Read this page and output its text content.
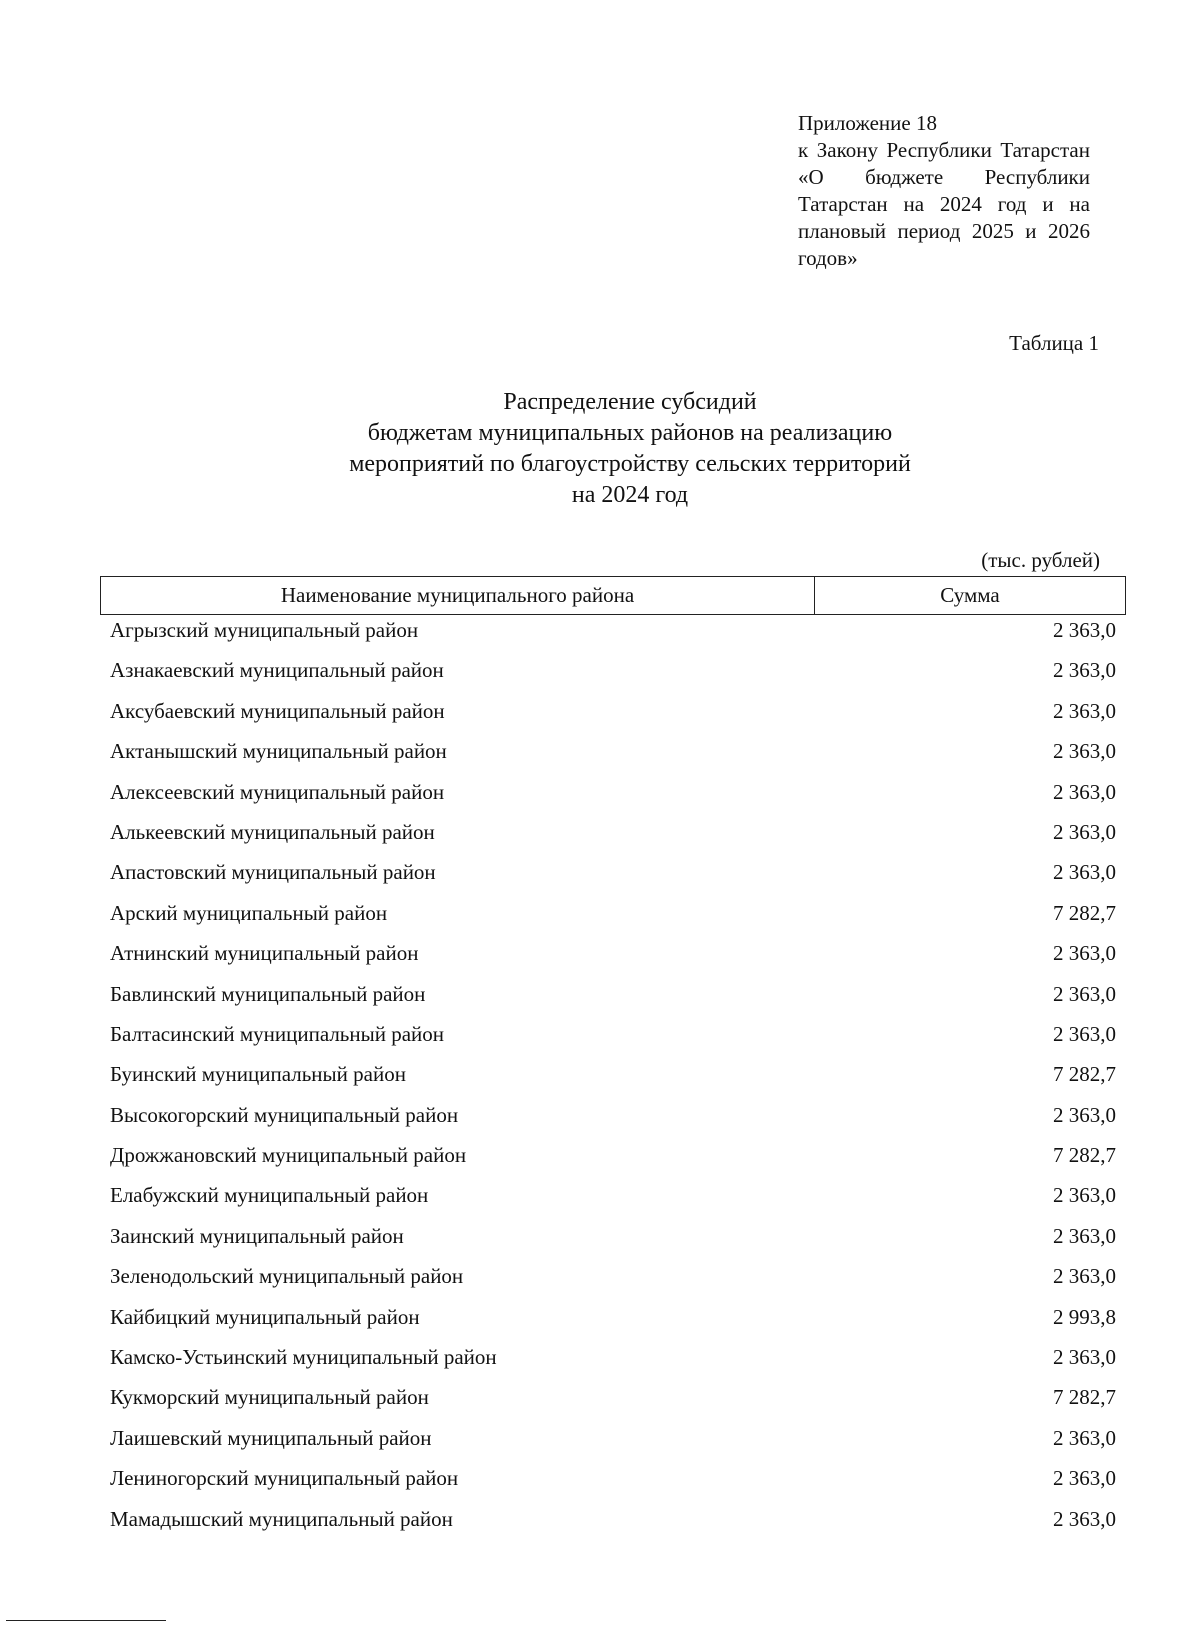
Приложение 18
к Закону Республики Татарстан «О бюджете Республики Татарстан на 2024 год и на плановый период 2025 и 2026 годов»
Таблица 1
Распределение субсидий
бюджетам муниципальных районов на реализацию
мероприятий по благоустройству сельских территорий
на 2024 год
(тыс. рублей)
Наименование муниципального района	Сумма
Агрызский муниципальный район	2 363,0
Азнакаевский муниципальный район	2 363,0
Аксубаевский муниципальный район	2 363,0
Актанышский муниципальный район	2 363,0
Алексеевский муниципальный район	2 363,0
Алькеевский муниципальный район	2 363,0
Апастовский муниципальный район	2 363,0
Арский муниципальный район	7 282,7
Атнинский муниципальный район	2 363,0
Бавлинский муниципальный район	2 363,0
Балтасинский муниципальный район	2 363,0
Буинский муниципальный район	7 282,7
Высокогорский муниципальный район	2 363,0
Дрожжановский муниципальный район	7 282,7
Елабужский муниципальный район	2 363,0
Заинский муниципальный район	2 363,0
Зеленодольский муниципальный район	2 363,0
Кайбицкий муниципальный район	2 993,8
Камско-Устьинский муниципальный район	2 363,0
Кукморский муниципальный район	7 282,7
Лаишевский муниципальный район	2 363,0
Лениногорский муниципальный район	2 363,0
Мамадышский муниципальный район	2 363,0
